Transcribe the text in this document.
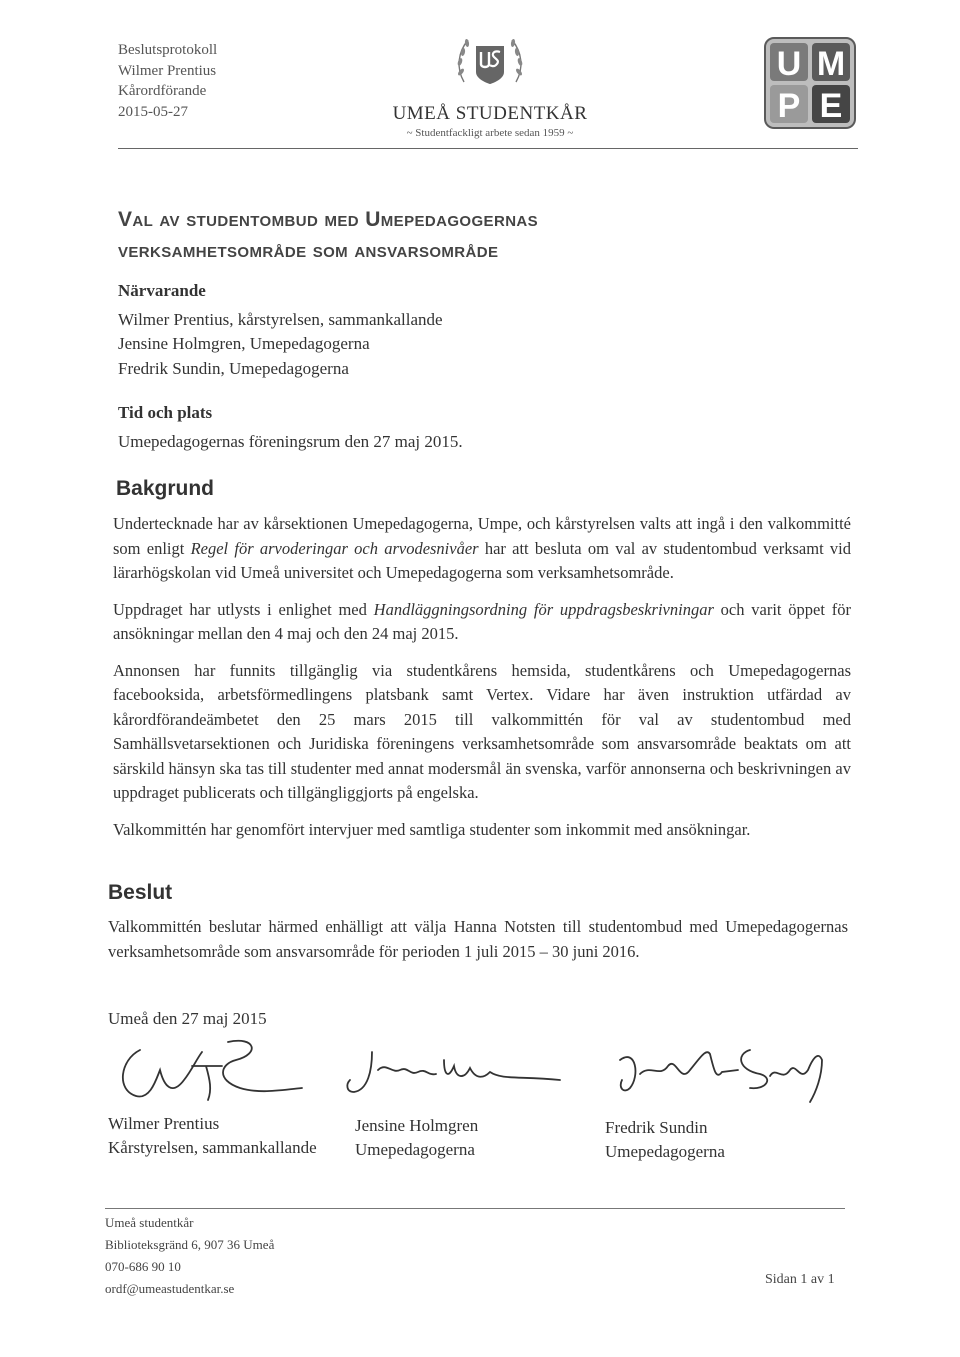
Beslutsprotokoll
Wilmer Prentius
Kårordförande
2015-05-27	UMEÅ STUDENTKÅR
~ Studentfackligt arbete sedan 1959 ~
U M
P E
Val av studentombud med Umepedagogernas
verksamhetsområde som ansvarsområde
Närvarande
Wilmer Prentius, kårstyrelsen, sammankallande
Jensine Holmgren, Umepedagogerna
Fredrik Sundin, Umepedagogerna
Tid och plats
Umepedagogernas föreningsrum den 27 maj 2015.
Bakgrund

Undertecknade har av kårsektionen Umepedagogerna, Umpe, och kårstyrelsen valts att ingå i den valkommitté som enligt Regel för arvoderingar och arvodesnivåer har att besluta om val av studentombud verksamt vid lärarhögskolan vid Umeå universitet och Umepedagogerna som verksamhetsområde.

Uppdraget har utlysts i enlighet med Handläggningsordning för uppdragsbeskrivningar och varit öppet för ansökningar mellan den 4 maj och den 24 maj 2015.

Annonsen har funnits tillgänglig via studentkårens hemsida, studentkårens och Umepedagogernas facebooksida, arbetsförmedlingens platsbank samt Vertex. Vidare har även instruktion utfärdad av kårordförandeämbetet den 25 mars 2015 till valkommittén för val av studentombud med Samhällsvetarsektionen och Juridiska föreningens verksamhetsområde som ansvarsområde beaktats om att särskild hänsyn ska tas till studenter med annat modersmål än svenska, varför annonserna och beskrivningen av uppdraget publicerats och tillgängliggjorts på engelska.

Valkommittén har genomfört intervjuer med samtliga studenter som inkommit med ansökningar.

Beslut

Valkommittén beslutar härmed enhälligt att välja Hanna Notsten till studentombud med Umepedagogernas verksamhetsområde som ansvarsområde för perioden 1 juli 2015 – 30 juni 2016.

Umeå den 27 maj 2015
Wilmer Prentius
Kårstyrelsen, sammankallande
Jensine Holmgren
Umepedagogerna
Fredrik Sundin
Umepedagogerna
Umeå studentkår
Biblioteksgränd 6, 907 36 Umeå
070-686 90 10
ordf@umeastudentkar.se
Sidan 1 av 1
